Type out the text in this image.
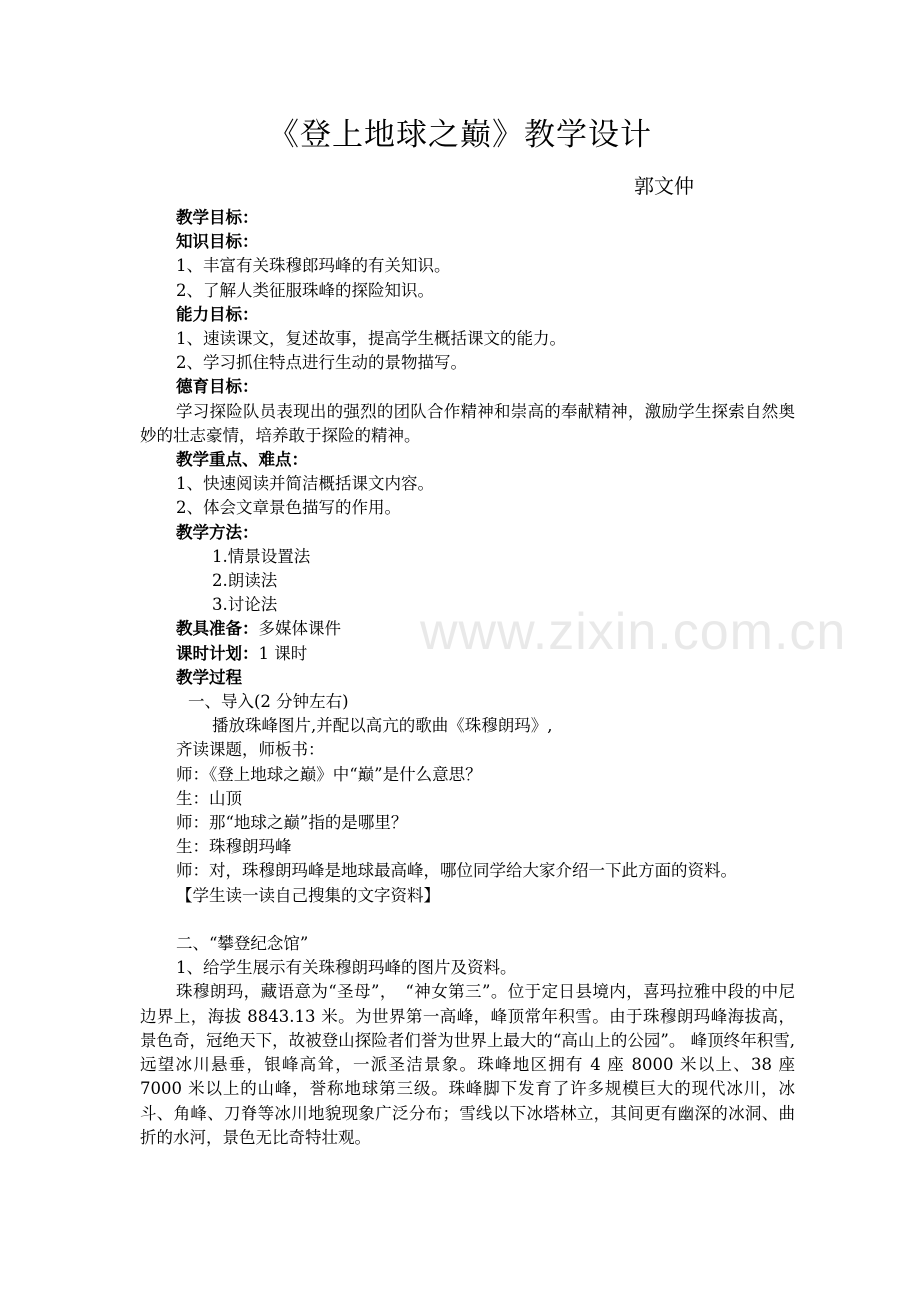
《登上地球之巅》教学设计
郭文仲
教学目标：
知识目标：
1、丰富有关珠穆郎玛峰的有关知识。
2、了解人类征服珠峰的探险知识。
能力目标：
1、速读课文，复述故事，提高学生概括课文的能力。
2、学习抓住特点进行生动的景物描写。
德育目标：
学习探险队员表现出的强烈的团队合作精神和崇高的奉献精神，激励学生探索自然奥妙的壮志豪情，培养敢于探险的精神。
教学重点、难点：
1、快速阅读并简洁概括课文内容。
2、体会文章景色描写的作用。
教学方法：
1.情景设置法
2.朗读法
3.讨论法
教具准备：多媒体课件
课时计划：1 课时
教学过程
一、导入(2 分钟左右)
播放珠峰图片,并配以高亢的歌曲《珠穆朗玛》,
齐读课题，师板书：
师：《登上地球之巅》中“巅”是什么意思？
生：山顶
师：那“地球之巅”指的是哪里？
生：珠穆朗玛峰
师：对，珠穆朗玛峰是地球最高峰，哪位同学给大家介绍一下此方面的资料。
【学生读一读自己搜集的文字资料】
二、“攀登纪念馆”
1、给学生展示有关珠穆朗玛峰的图片及资料。
珠穆朗玛，藏语意为“圣母”，　“神女第三”。位于定日县境内，喜玛拉雅中段的中尼边界上，海拔 8843.13 米。为世界第一高峰，峰顶常年积雪。由于珠穆朗玛峰海拔高，景色奇，冠绝天下，故被登山探险者们誉为世界上最大的“高山上的公园”。 峰顶终年积雪,远望冰川悬垂，银峰高耸，一派圣洁景象。珠峰地区拥有 4 座 8000 米以上、38 座 7000 米以上的山峰，誉称地球第三级。珠峰脚下发育了许多规模巨大的现代冰川，冰斗、角峰、刀脊等冰川地貌现象广泛分布；雪线以下冰塔林立，其间更有幽深的冰洞、曲折的水河，景色无比奇特壮观。
www.zixin.com.cn
